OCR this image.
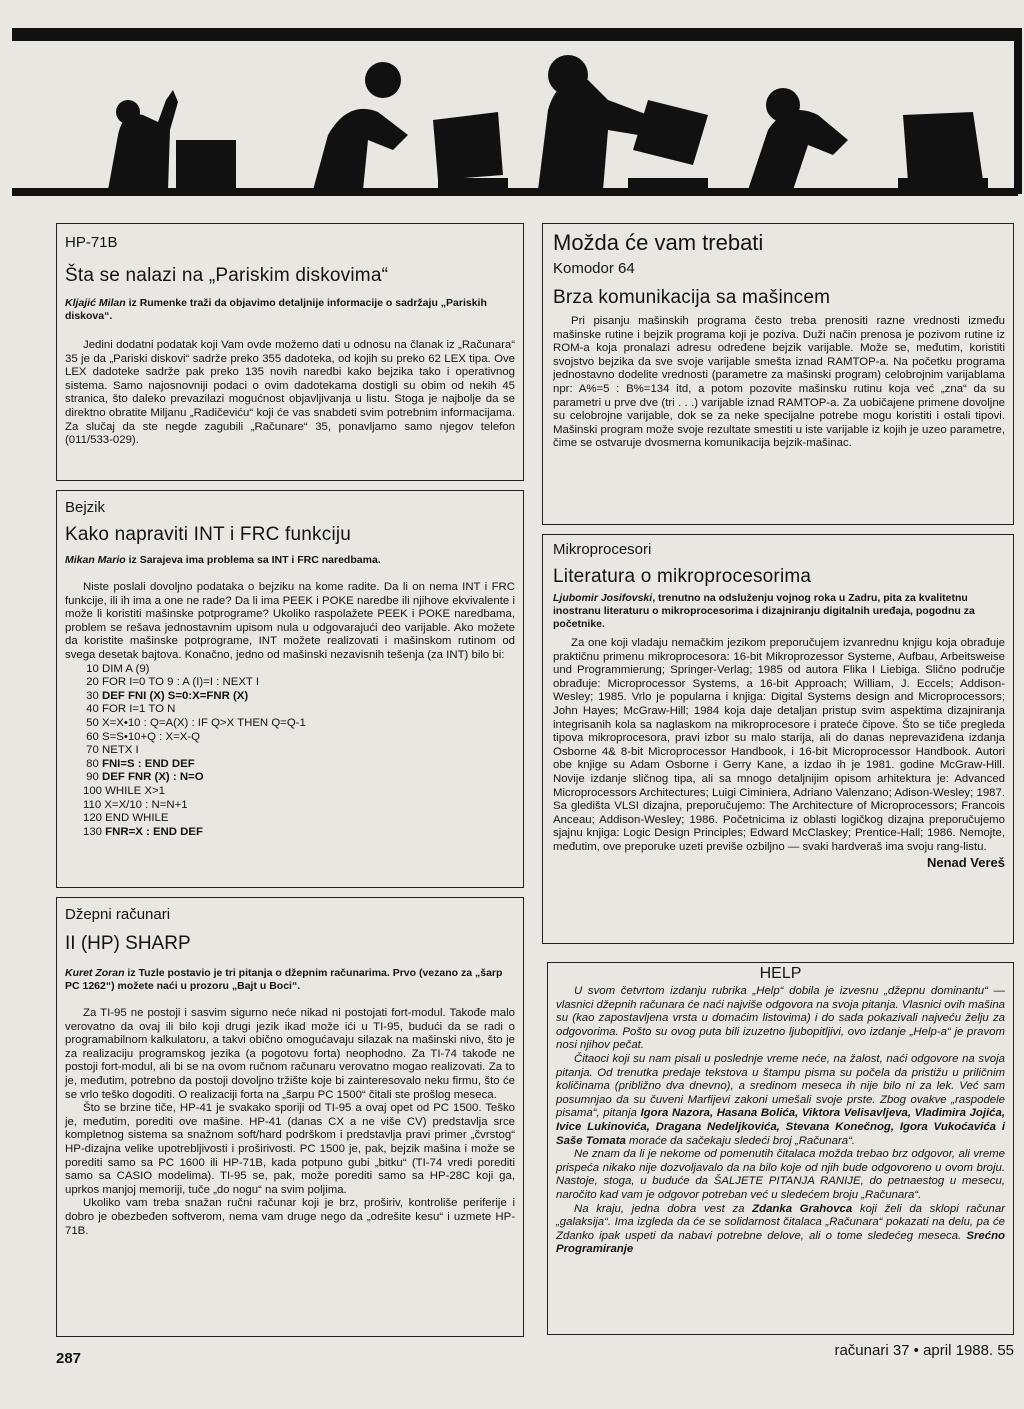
HP-71B
Šta se nalazi na „Pariskim diskovima“
Kljajić Milan iz Rumenke traži da objavimo detaljnije informacije o sadržaju „Pariskih diskova“.

Jedini dodatni podatak koji Vam ovde možemo dati u odnosu na članak iz „Računara“ 35 je da „Pariski diskovi“ sadrže preko 355 dadoteka, od kojih su preko 62 LEX tipa. Ove LEX dadoteke sadrže pak preko 135 novih naredbi kako bejzika tako i operativnog sistema. Samo najosnovniji podaci o ovim dadotekama dostigli su obim od nekih 45 stranica, što daleko prevazilazi mogućnost objavljivanja u listu. Stoga je najbolje da se direktno obratite Miljanu „Radičeviću“ koji će vas snabdeti svim potrebnim informacijama. Za slučaj da ste negde zagubili „Računare“ 35, ponavljamo samo njegov telefon (011/533-029).

Bejzik
Kako napraviti INT i FRC funkciju
Mikan Mario iz Sarajeva ima problema sa INT i FRC naredbama.

Niste poslali dovoljno podataka o bejziku na kome radite. Da li on nema INT i FRC funkcije, ili ih ima a one ne rade? Da li ima PEEK i POKE naredbe ili njihove ekvivalente i može li koristiti mašinske potprograme? Ukoliko raspolažete PEEK i POKE naredbama, problem se rešava jednostavnim upisom nula u odgovarajući deo varijable. Ako možete da koristite mašinske potprograme, INT možete realizovati i mašinskom rutinom od svega desetak bajtova. Konačno, jedno od mašinski nezavisnih tešenja (za INT) bilo bi:

10 DIM A (9)
20 FOR I=0 TO 9 : A (I)=I : NEXT I
30 DEF FNI (X) S=0:X=FNR (X)
40 FOR I=1 TO N
50 X=X•10 : Q=A(X) : IF Q>X THEN Q=Q-1
60 S=S•10+Q : X=X-Q
70 NETX I
80 FNI=S : END DEF
90 DEF FNR (X) : N=O
100 WHILE X>1
110 X=X/10 : N=N+1
120 END WHILE
130 FNR=X : END DEF
Džepni računari
II (HP) SHARP
Kuret Zoran iz Tuzle postavio je tri pitanja o džepnim računarima. Prvo (vezano za „šarp PC 1262“) možete naći u prozoru „Bajt u Boci“.

Za TI-95 ne postoji i sasvim sigurno neće nikad ni postojati fort-modul. Takođe malo verovatno da ovaj ili bilo koji drugi jezik ikad može ići u TI-95, budući da se radi o programabilnom kalkulatoru, a takvi obično omogućavaju silazak na mašinski nivo, što je za realizaciju programskog jezika (a pogotovu forta) neophodno. Za TI-74 takođe ne postoji fort-modul, ali bi se na ovom ručnom računaru verovatno mogao realizovati. Za to je, međutim, potrebno da postoji dovoljno tržište koje bi zainteresovalo neku firmu, što će se vrlo teško dogoditi. O realizaciji forta na „šarpu PC 1500“ čitali ste prošlog meseca.

Što se brzine tiče, HP-41 je svakako sporiji od TI-95 a ovaj opet od PC 1500. Teško je, međutim, porediti ove mašine. HP-41 (danas CX a ne više CV) predstavlja srce kompletnog sistema sa snažnom soft/hard podrškom i predstavlja pravi primer „čvrstog“ HP-dizajna velike upotrebljivosti i proširivosti. PC 1500 je, pak, bejzik mašina i može se porediti samo sa PC 1600 ili HP-71B, kada potpuno gubi „bitku“ (TI-74 vredi porediti samo sa CASIO modelima). TI-95 se, pak, može porediti samo sa HP-28C koji ga, uprkos manjoj memoriji, tuče „do nogu“ na svim poljima.

Ukoliko vam treba snažan ručni računar koji je brz, proširiv, kontroliše periferije i dobro je obezbeđen softverom, nema vam druge nego da „odrešite kesu“ i uzmete HP-71B.

Možda će vam trebati
Komodor 64
Brza komunikacija sa mašincem

Pri pisanju mašinskih programa često treba prenositi razne vrednosti između mašinske rutine i bejzik programa koji je poziva. Duži način prenosa je pozivom rutine iz ROM-a koja pronalazi adresu određene bejzik varijable. Može se, međutim, koristiti svojstvo bejzika da sve svoje varijable smešta iznad RAMTOP-a. Na početku programa jednostavno dodelite vrednosti (parametre za mašinski program) celobrojnim varijablama npr: A%=5 : B%=134 itd, a potom pozovite mašinsku rutinu koja već „zna“ da su parametri u prve dve (tri . . .) varijable iznad RAMTOP-a. Za uobičajene primene dovoljne su celobrojne varijable, dok se za neke specijalne potrebe mogu koristiti i ostali tipovi. Mašinski program može svoje rezultate smestiti u iste varijable iz kojih je uzeo parametre, čime se ostvaruje dvosmerna komunikacija bejzik-mašinac.

Mikroprocesori
Literatura o mikroprocesorima
Ljubomir Josifovski, trenutno na odsluženju vojnog roka u Zadru, pita za kvalitetnu inostranu literaturu o mikroprocesorima i dizajniranju digitalnih uređaja, pogodnu za početnike.

Za one koji vladaju nemačkim jezikom preporučujem izvanrednu knjigu koja obrađuje praktičnu primenu mikroprocesora: 16-bit Mikroprozessor Systeme, Aufbau, Arbeitsweise und Programmierung; Springer-Verlag; 1985 od autora Flika I Liebiga. Slično područje obrađuje: Microprocessor Systems, a 16-bit Approach; William, J. Eccels; Addison-Wesley; 1985. Vrlo je popularna i knjiga: Digital Systems design and Microprocessors; John Hayes; McGraw-Hill; 1984 koja daje detaljan pristup svim aspektima dizajniranja integrisanih kola sa naglaskom na mikroprocesore i prateće čipove. Što se tiče pregleda tipova mikroprocesora, pravi izbor su malo starija, ali do danas neprevaziđena izdanja Osborne 4& 8-bit Microprocessor Handbook, i 16-bit Microprocessor Handbook. Autori obe knjige su Adam Osborne i Gerry Kane, a izdao ih je 1981. godine McGraw-Hill. Novije izdanje sličnog tipa, ali sa mnogo detaljnijim opisom arhitektura je: Advanced Microprocessors Architectures; Luigi Ciminiera, Adriano Valenzano; Adison-Wesley; 1987. Sa gledišta VLSI dizajna, preporučujemo: The Architecture of Microprocessors; Francois Anceau; Addison-Wesley; 1986. Početnicima iz oblasti logičkog dizajna preporučujemo sjajnu knjiga: Logic Design Principles; Edward McClaskey; Prentice-Hall; 1986. Nemojte, međutim, ove preporuke uzeti previše ozbiljno — svaki hardveraš ima svoju rang-listu.

Nenad Vereš
HELP

U svom četvrtom izdanju rubrika „Help“ dobila je izvesnu „džepnu dominantu“ — vlasnici džepnih računara će naći najviše odgovora na svoja pitanja. Vlasnici ovih mašina su (kao zapostavljena vrsta u domaćim listovima) i do sada pokazivali najveću želju za odgovorima. Pošto su ovog puta bili izuzetno ljubopitljivi, ovo izdanje „Help-a“ je pravom nosi njihov pečat.

Čitaoci koji su nam pisali u poslednje vreme neće, na žalost, naći odgovore na svoja pitanja. Od trenutka predaje tekstova u štampu pisma su počela da pristižu u priličnim količinama (približno dva dnevno), a sredinom meseca ih nije bilo ni za lek. Već sam posumnjao da su čuveni Marfijevi zakoni umešali svoje prste. Zbog ovakve „raspodele pisama“, pitanja Igora Nazora, Hasana Bolića, Viktora Velisavljeva, Vladimira Jojića, Ivice Lukinovića, Dragana Nedeljkovića, Stevana Konečnog, Igora Vukoćavića i Saše Tomata moraće da sačekaju sledeći broj „Računara“.

Ne znam da li je nekome od pomenutih čitalaca možda trebao brz odgovor, ali vreme prispeća nikako nije dozvoljavalo da na bilo koje od njih bude odgovoreno u ovom broju. Nastoje, stoga, u buduće da ŠALJETE PITANJA RANIJE, do petnaestog u mesecu, naročito kad vam je odgovor potreban već u sledećem broju „Računara“.

Na kraju, jedna dobra vest za Zdanka Grahovca koji želi da sklopi računar „galaksija“. Ima izgleda da će se solidarnost čitalaca „Računara“ pokazati na delu, pa će Zdanko ipak uspeti da nabavi potrebne delove, ali o tome sledećeg meseca. Srećno Programiranje

287	računari 37 • april 1988. 55
